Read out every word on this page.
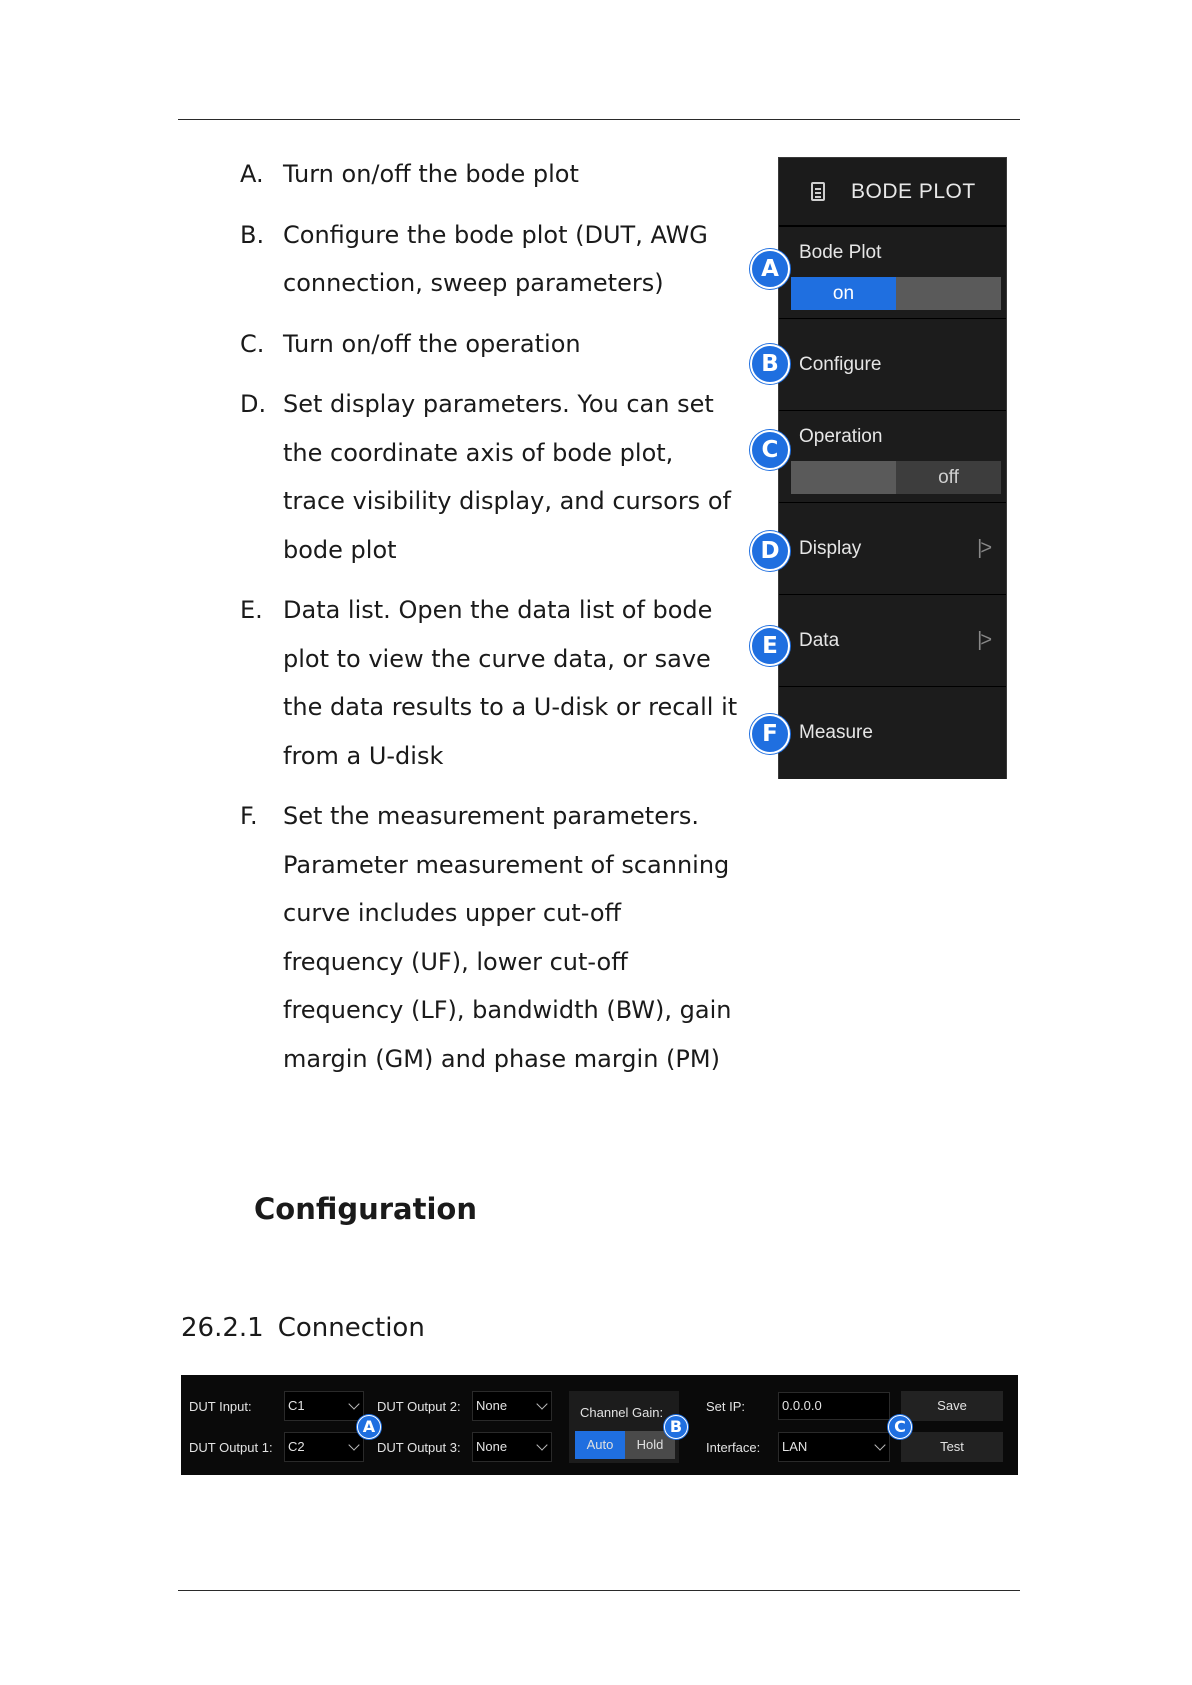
A. Turn on/off the bode plot
B. Configure the bode plot (DUT, AWG connection, sweep parameters)
C. Turn on/off the operation
D. Set display parameters. You can set the coordinate axis of bode plot, trace visibility display, and cursors of bode plot
E. Data list. Open the data list of bode plot to view the curve data, or save the data results to a U-disk or recall it from a U-disk
F. Set the measurement parameters. Parameter measurement of scanning curve includes upper cut-off frequency (UF), lower cut-off frequency (LF), bandwidth (BW), gain margin (GM) and phase margin (PM)
BODE PLOT
Bode Plot
on
Configure
Operation
off
Display	|>
Data	|>
Measure
A
B
C
D
E
F
Configuration
26.2.1 Connection
DUT Input:	C1
DUT Output 1:	C2
DUT Output 2:	None
DUT Output 3:	None
Channel Gain:
Auto	Hold
Set IP:	0.0.0.0
Interface:	LAN
Save
Test
A	B	C
